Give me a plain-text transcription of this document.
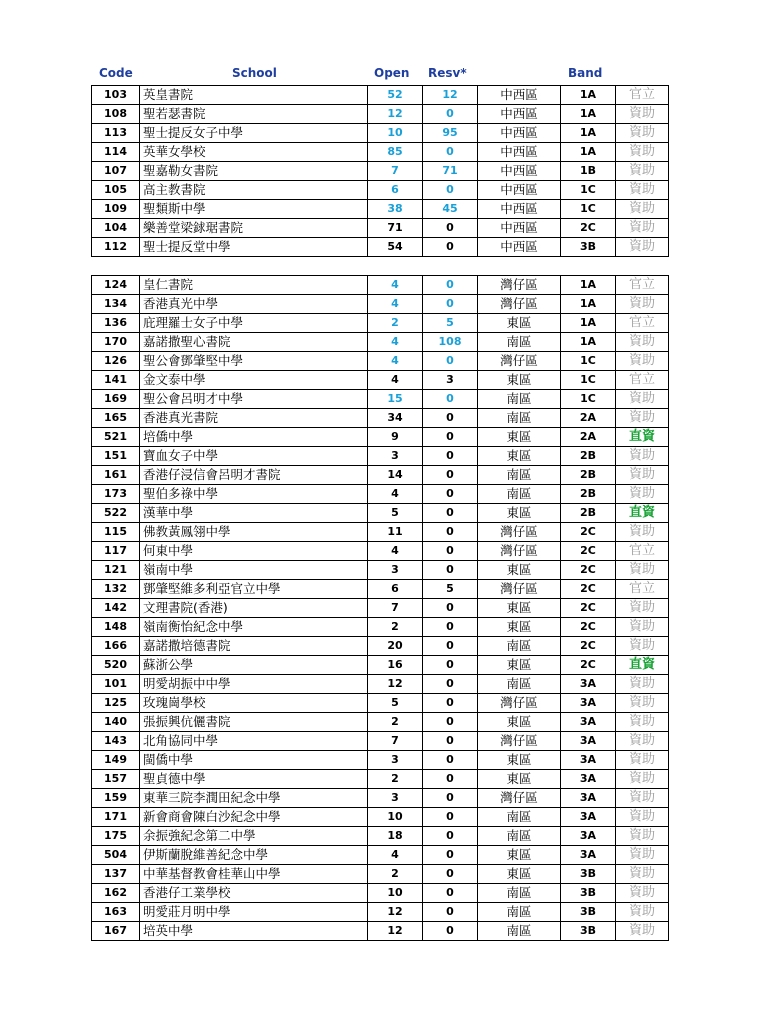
Code	School	Open Resv*	Band
103	英皇書院	52	12	中西區	1A	官立
108	聖若瑟書院	12	0	中西區	1A	資助
113	聖士提反女子中學	10	95	中西區	1A	資助
114	英華女學校	85	0	中西區	1A	資助
107	聖嘉勒女書院	7	71	中西區	1B	資助
105	高主教書院	6	0	中西區	1C	資助
109	聖類斯中學	38	45	中西區	1C	資助
104	樂善堂梁銶琚書院	71	0	中西區	2C	資助
112	聖士提反堂中學	54	0	中西區	3B	資助
124	皇仁書院	4	0	灣仔區	1A	官立
134	香港真光中學	4	0	灣仔區	1A	資助
136	庇理羅士女子中學	2	5	東區	1A	官立
170	嘉諾撒聖心書院	4	108	南區	1A	資助
126	聖公會鄧肇堅中學	4	0	灣仔區	1C	資助
141	金文泰中學	4	3	東區	1C	官立
169	聖公會呂明才中學	15	0	南區	1C	資助
165	香港真光書院	34	0	南區	2A	資助
521	培僑中學	9	0	東區	2A	直資
151	寶血女子中學	3	0	東區	2B	資助
161	香港仔浸信會呂明才書院	14	0	南區	2B	資助
173	聖伯多祿中學	4	0	南區	2B	資助
522	漢華中學	5	0	東區	2B	直資
115	佛教黃鳳翎中學	11	0	灣仔區	2C	資助
117	何東中學	4	0	灣仔區	2C	官立
121	嶺南中學	3	0	東區	2C	資助
132	鄧肇堅維多利亞官立中學	6	5	灣仔區	2C	官立
142	文理書院(香港)	7	0	東區	2C	資助
148	嶺南衡怡紀念中學	2	0	東區	2C	資助
166	嘉諾撒培德書院	20	0	南區	2C	資助
520	蘇浙公學	16	0	東區	2C	直資
101	明愛胡振中中學	12	0	南區	3A	資助
125	玫瑰崗學校	5	0	灣仔區	3A	資助
140	張振興伉儷書院	2	0	東區	3A	資助
143	北角協同中學	7	0	灣仔區	3A	資助
149	閩僑中學	3	0	東區	3A	資助
157	聖貞德中學	2	0	東區	3A	資助
159	東華三院李潤田紀念中學	3	0	灣仔區	3A	資助
171	新會商會陳白沙紀念中學	10	0	南區	3A	資助
175	余振強紀念第二中學	18	0	南區	3A	資助
504	伊斯蘭脫維善紀念中學	4	0	東區	3A	資助
137	中華基督教會桂華山中學	2	0	東區	3B	資助
162	香港仔工業學校	10	0	南區	3B	資助
163	明愛莊月明中學	12	0	南區	3B	資助
167	培英中學	12	0	南區	3B	資助
